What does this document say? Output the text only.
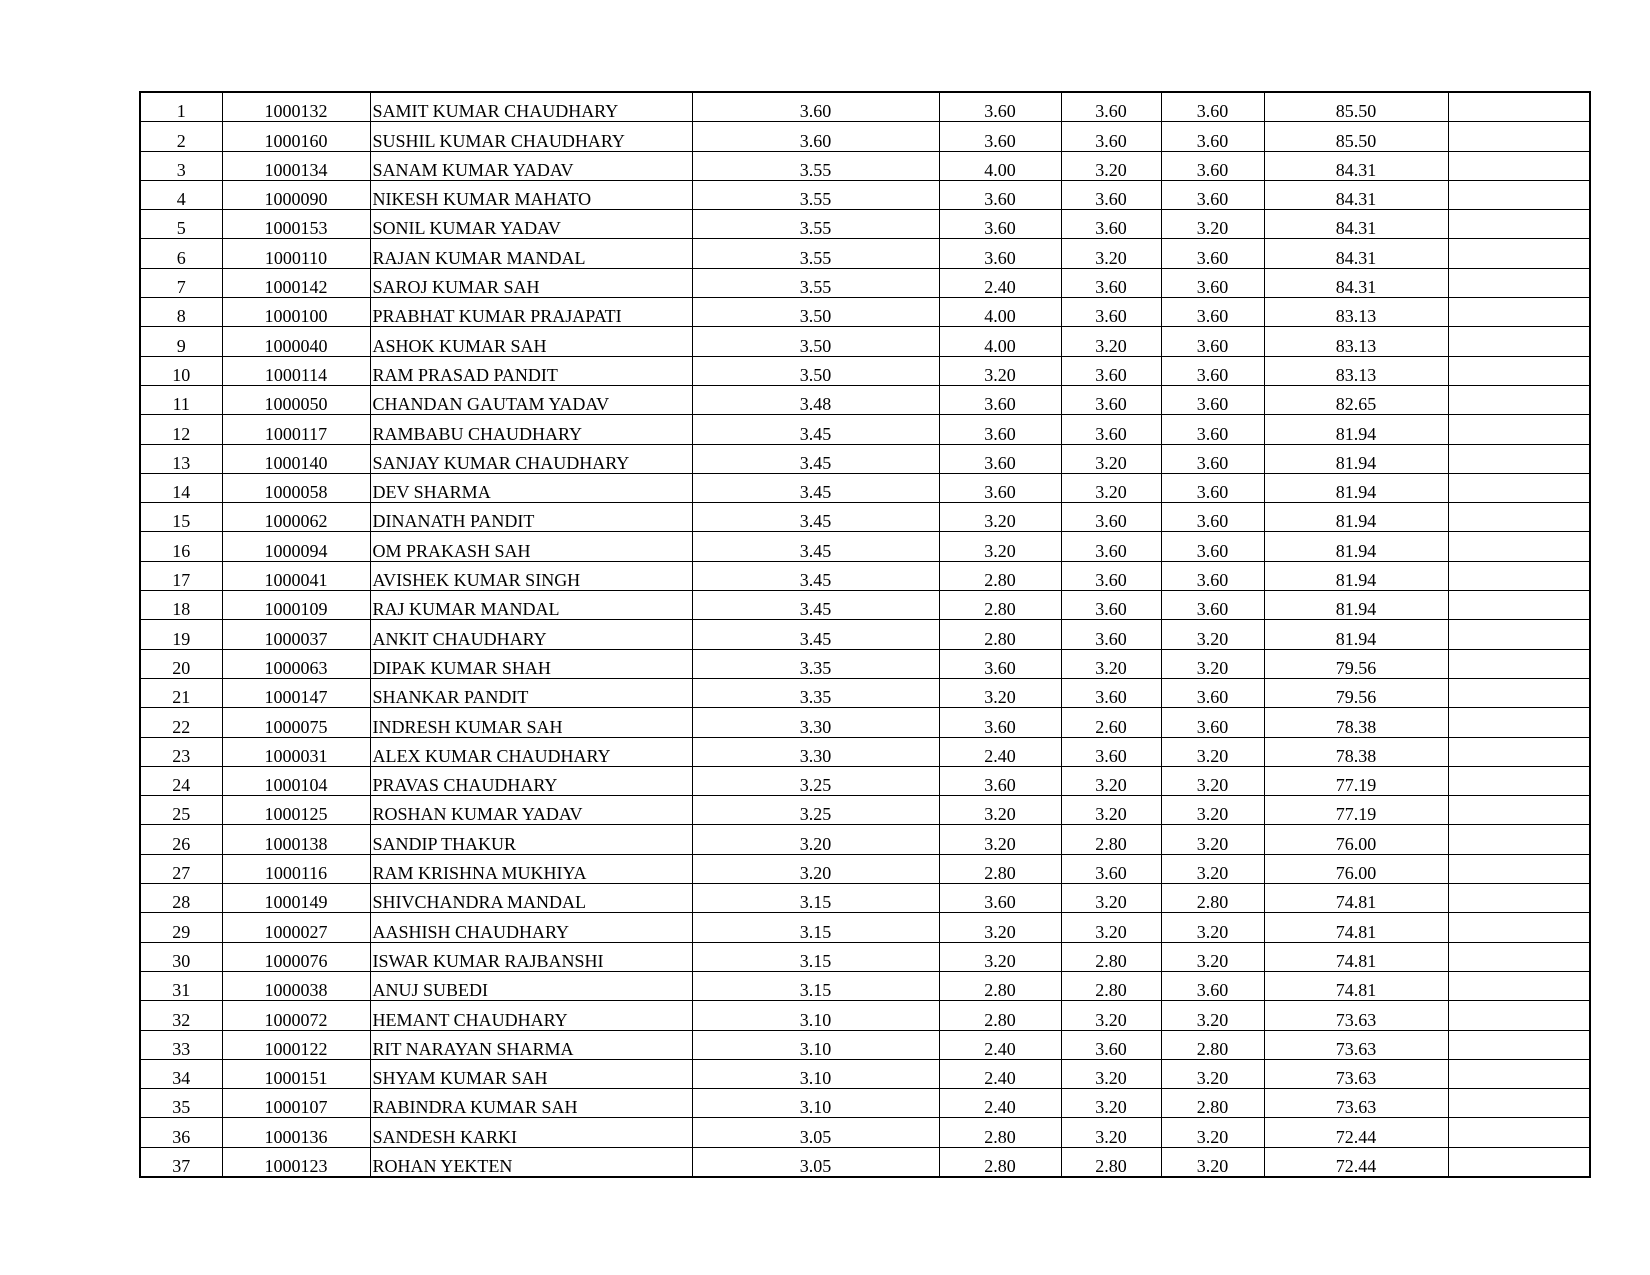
1	1000132	SAMIT KUMAR CHAUDHARY	3.60	3.60	3.60	3.60	85.50	
2	1000160	SUSHIL KUMAR CHAUDHARY	3.60	3.60	3.60	3.60	85.50	
3	1000134	SANAM KUMAR YADAV	3.55	4.00	3.20	3.60	84.31	
4	1000090	NIKESH KUMAR MAHATO	3.55	3.60	3.60	3.60	84.31	
5	1000153	SONIL KUMAR YADAV	3.55	3.60	3.60	3.20	84.31	
6	1000110	RAJAN KUMAR MANDAL	3.55	3.60	3.20	3.60	84.31	
7	1000142	SAROJ KUMAR SAH	3.55	2.40	3.60	3.60	84.31	
8	1000100	PRABHAT KUMAR PRAJAPATI	3.50	4.00	3.60	3.60	83.13	
9	1000040	ASHOK KUMAR SAH	3.50	4.00	3.20	3.60	83.13	
10	1000114	RAM PRASAD PANDIT	3.50	3.20	3.60	3.60	83.13	
11	1000050	CHANDAN GAUTAM YADAV	3.48	3.60	3.60	3.60	82.65	
12	1000117	RAMBABU CHAUDHARY	3.45	3.60	3.60	3.60	81.94	
13	1000140	SANJAY KUMAR CHAUDHARY	3.45	3.60	3.20	3.60	81.94	
14	1000058	DEV SHARMA	3.45	3.60	3.20	3.60	81.94	
15	1000062	DINANATH PANDIT	3.45	3.20	3.60	3.60	81.94	
16	1000094	OM PRAKASH SAH	3.45	3.20	3.60	3.60	81.94	
17	1000041	AVISHEK KUMAR SINGH	3.45	2.80	3.60	3.60	81.94	
18	1000109	RAJ KUMAR MANDAL	3.45	2.80	3.60	3.60	81.94	
19	1000037	ANKIT CHAUDHARY	3.45	2.80	3.60	3.20	81.94	
20	1000063	DIPAK KUMAR SHAH	3.35	3.60	3.20	3.20	79.56	
21	1000147	SHANKAR PANDIT	3.35	3.20	3.60	3.60	79.56	
22	1000075	INDRESH KUMAR SAH	3.30	3.60	2.60	3.60	78.38	
23	1000031	ALEX KUMAR CHAUDHARY	3.30	2.40	3.60	3.20	78.38	
24	1000104	PRAVAS CHAUDHARY	3.25	3.60	3.20	3.20	77.19	
25	1000125	ROSHAN KUMAR YADAV	3.25	3.20	3.20	3.20	77.19	
26	1000138	SANDIP THAKUR	3.20	3.20	2.80	3.20	76.00	
27	1000116	RAM KRISHNA MUKHIYA	3.20	2.80	3.60	3.20	76.00	
28	1000149	SHIVCHANDRA MANDAL	3.15	3.60	3.20	2.80	74.81	
29	1000027	AASHISH CHAUDHARY	3.15	3.20	3.20	3.20	74.81	
30	1000076	ISWAR KUMAR RAJBANSHI	3.15	3.20	2.80	3.20	74.81	
31	1000038	ANUJ SUBEDI	3.15	2.80	2.80	3.60	74.81	
32	1000072	HEMANT CHAUDHARY	3.10	2.80	3.20	3.20	73.63	
33	1000122	RIT NARAYAN SHARMA	3.10	2.40	3.60	2.80	73.63	
34	1000151	SHYAM KUMAR SAH	3.10	2.40	3.20	3.20	73.63	
35	1000107	RABINDRA KUMAR SAH	3.10	2.40	3.20	2.80	73.63	
36	1000136	SANDESH KARKI	3.05	2.80	3.20	3.20	72.44	
37	1000123	ROHAN YEKTEN	3.05	2.80	2.80	3.20	72.44	
